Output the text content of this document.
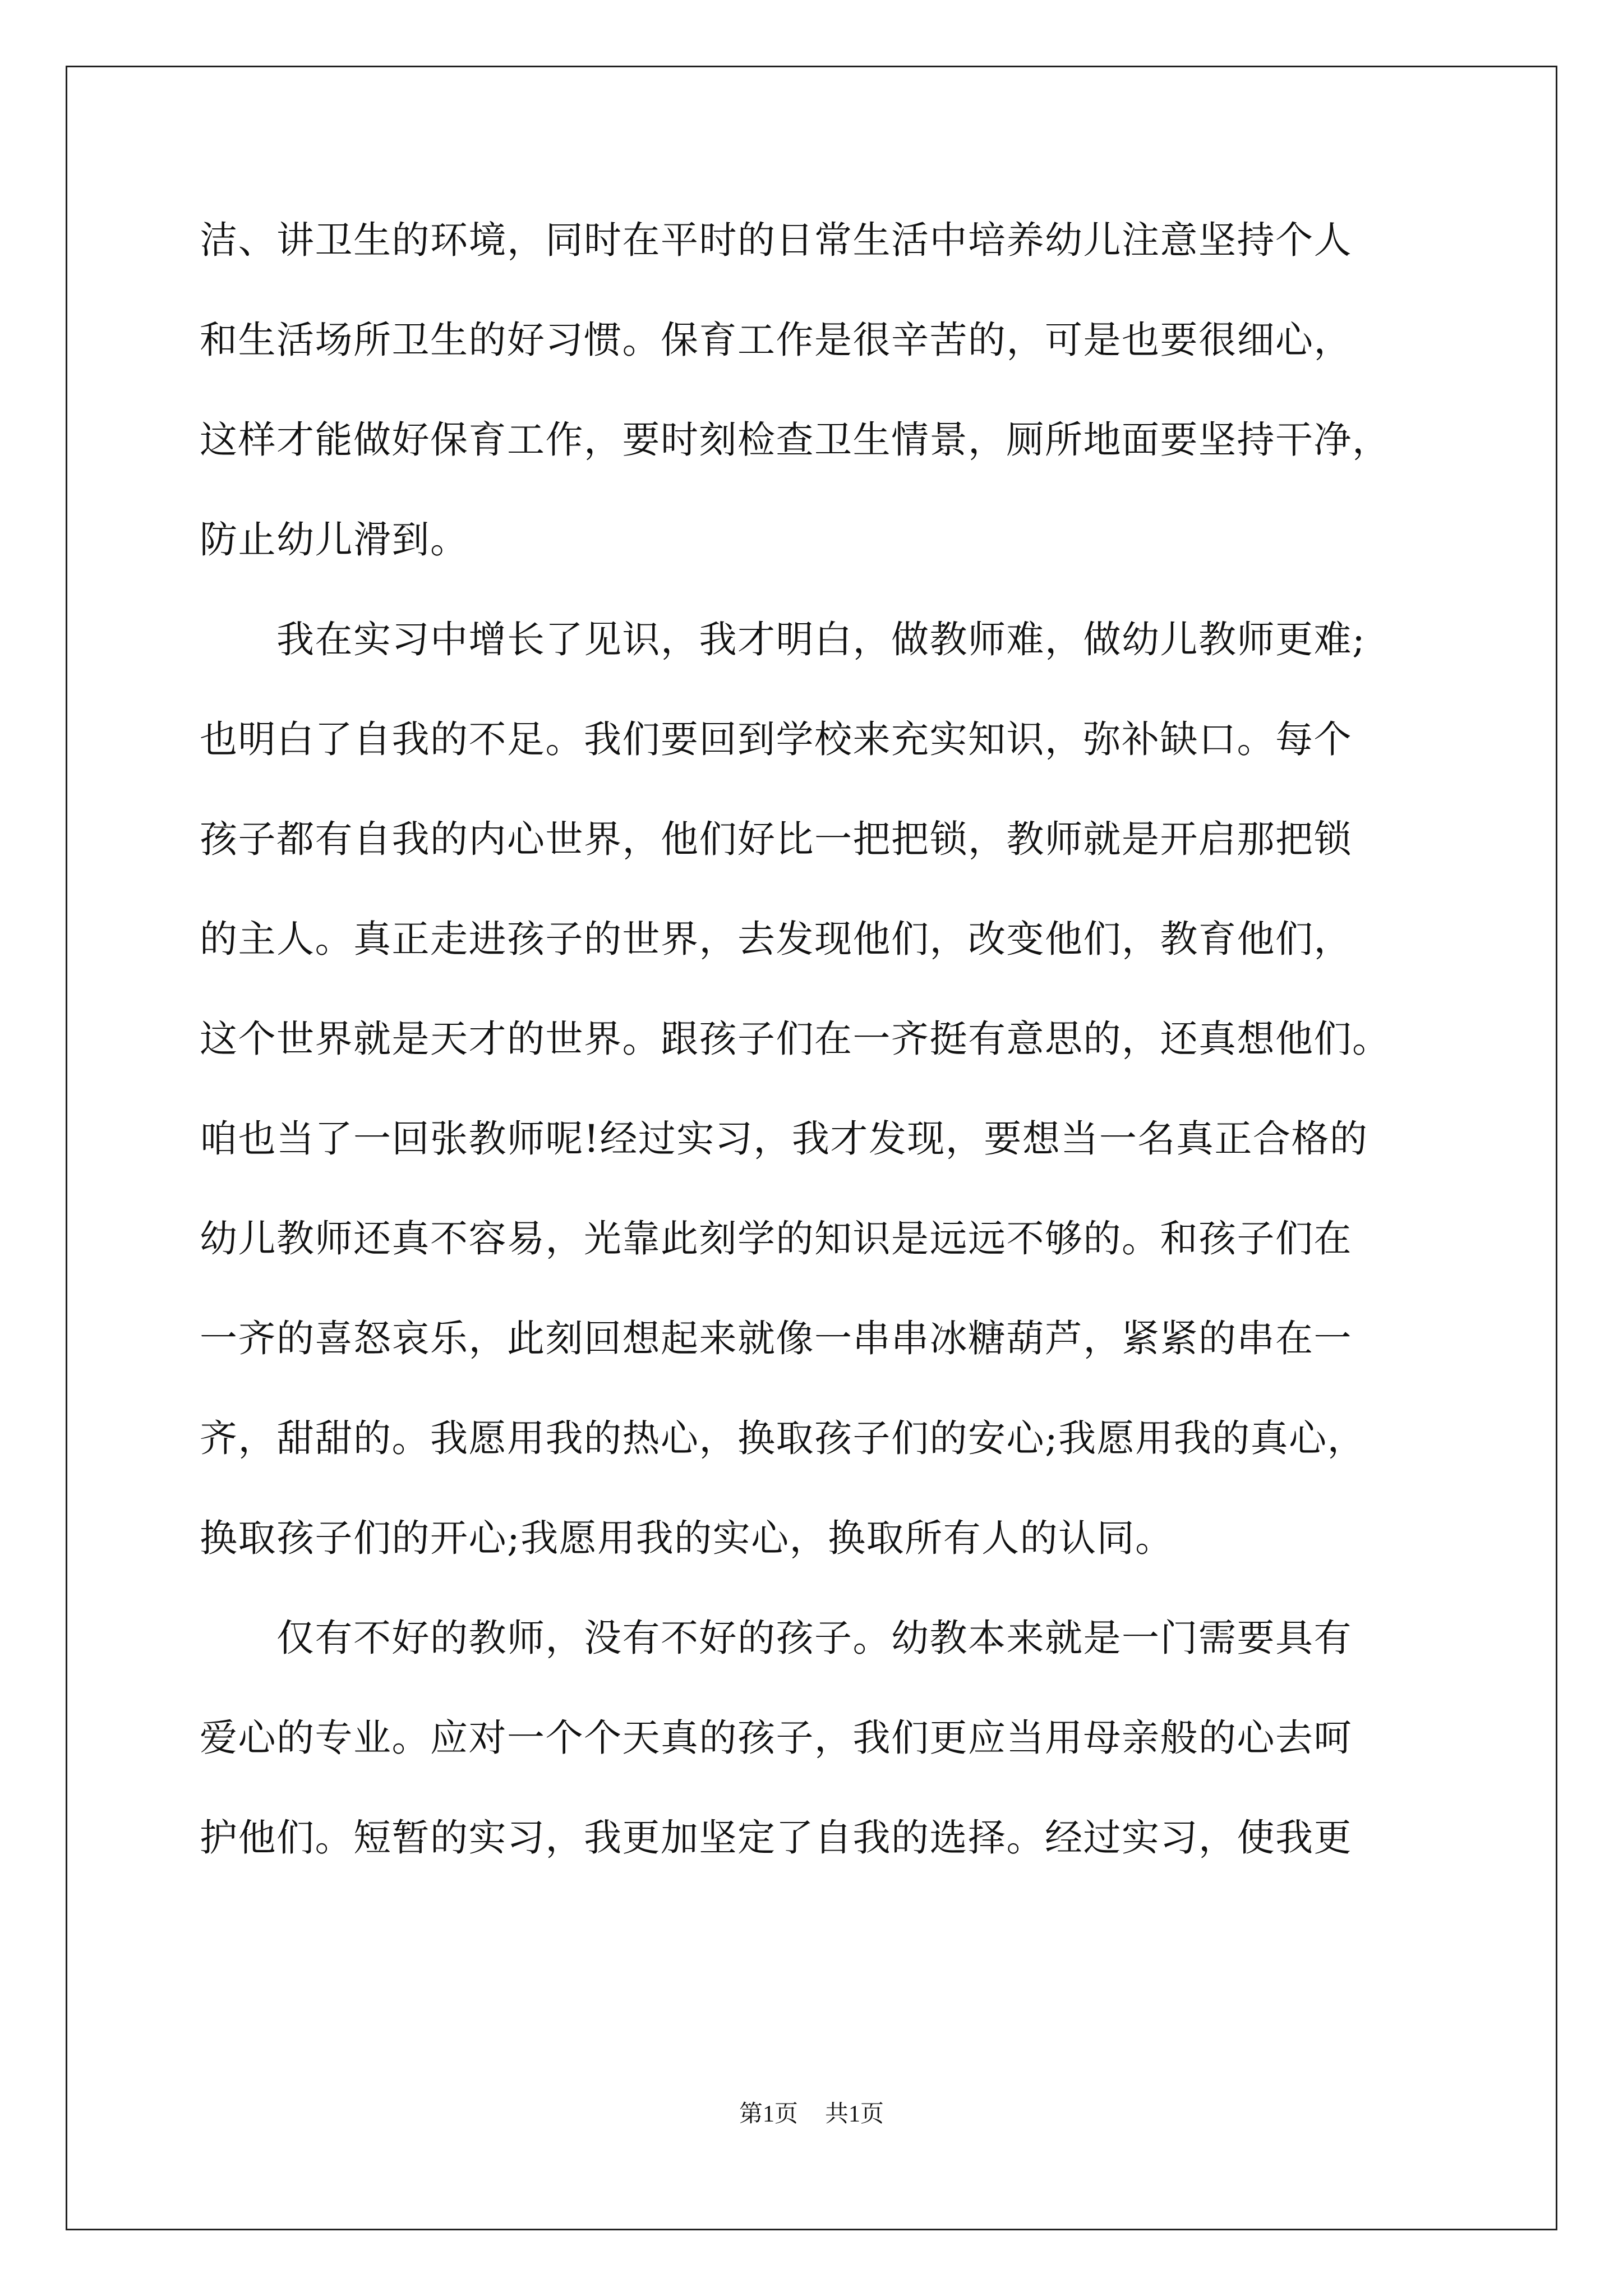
洁、讲卫生的环境，同时在平时的日常生活中培养幼儿注意坚持个人
和生活场所卫生的好习惯。保育工作是很辛苦的，可是也要很细心，
这样才能做好保育工作，要时刻检查卫生情景，厕所地面要坚持干净，
防止幼儿滑到。
　　我在实习中增长了见识，我才明白，做教师难，做幼儿教师更难;
也明白了自我的不足。我们要回到学校来充实知识，弥补缺口。每个
孩子都有自我的内心世界，他们好比一把把锁，教师就是开启那把锁
的主人。真正走进孩子的世界，去发现他们，改变他们，教育他们，
这个世界就是天才的世界。跟孩子们在一齐挺有意思的，还真想他们。
咱也当了一回张教师呢!经过实习，我才发现，要想当一名真正合格的
幼儿教师还真不容易，光靠此刻学的知识是远远不够的。和孩子们在
一齐的喜怒哀乐，此刻回想起来就像一串串冰糖葫芦，紧紧的串在一
齐，甜甜的。我愿用我的热心，换取孩子们的安心;我愿用我的真心，
换取孩子们的开心;我愿用我的实心，换取所有人的认同。
　　仅有不好的教师，没有不好的孩子。幼教本来就是一门需要具有
爱心的专业。应对一个个天真的孩子，我们更应当用母亲般的心去呵
护他们。短暂的实习，我更加坚定了自我的选择。经过实习，使我更
第1页 共1页
